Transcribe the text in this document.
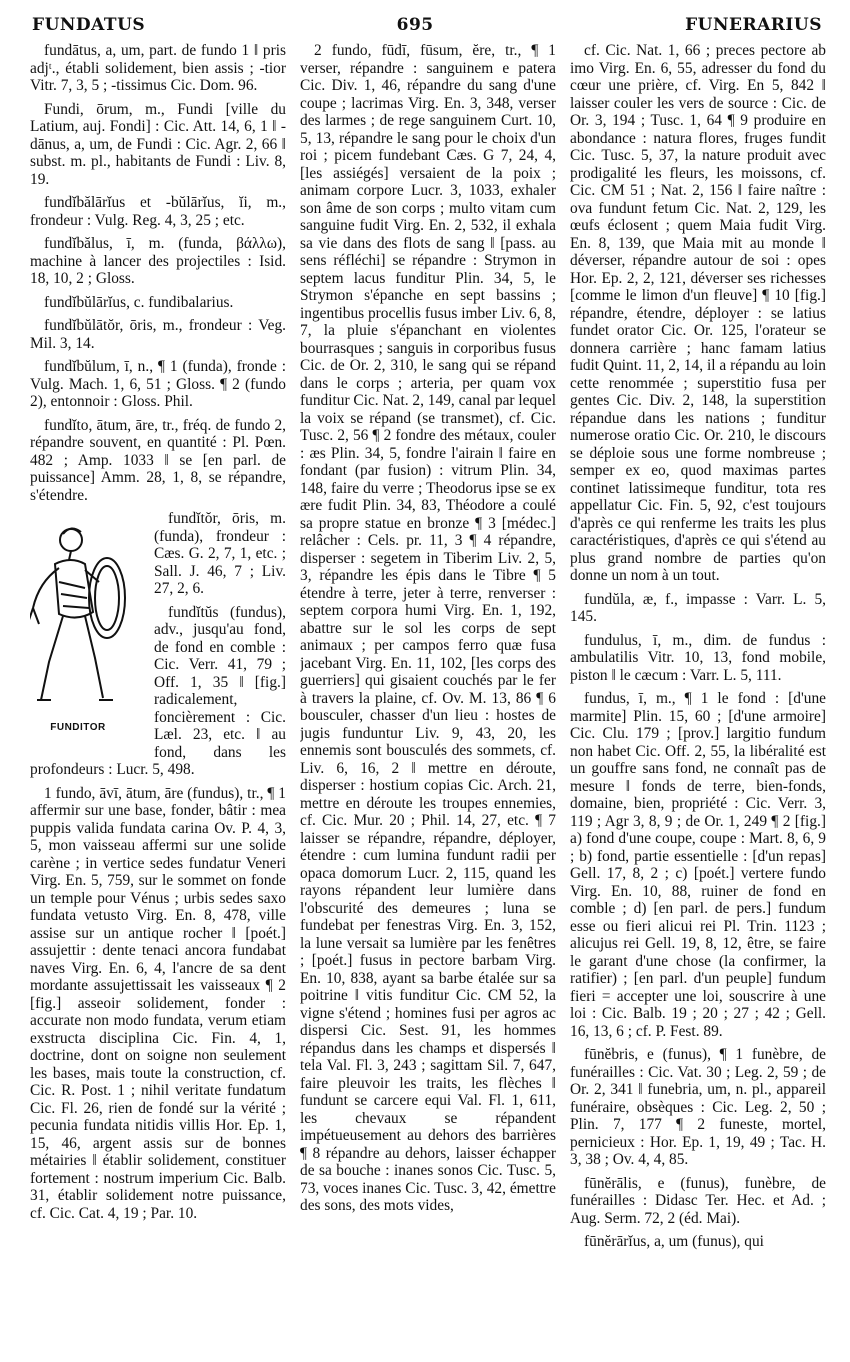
FUNDATUS	695	FUNERARIUS

fundātus, a, um, part. de fundo 1 ‖ pris adjᵗ., établi solidement, bien assis ; -tior Vitr. 7, 3, 5 ; -tissimus Cic. Dom. 96.

Fundi, ōrum, m., Fundi [ville du Latium, auj. Fondi] : Cic. Att. 14, 6, 1 ‖ -dānus, a, um, de Fundi : Cic. Agr. 2, 66 ‖ subst. m. pl., habitants de Fundi : Liv. 8, 19.

fundĭbălārĭus et -bŭlārĭus, ĭi, m., frondeur : Vulg. Reg. 4, 3, 25 ; etc.

fundĭbălus, ī, m. (funda, βάλλω), machine à lancer des projectiles : Isid. 18, 10, 2 ; Gloss.

fundĭbŭlārĭus, c. fundibalarius.

fundĭbŭlātŏr, ōris, m., frondeur : Veg. Mil. 3, 14.

fundĭbŭlum, ī, n., ¶ 1 (funda), fronde : Vulg. Mach. 1, 6, 51 ; Gloss. ¶ 2 (fundo 2), entonnoir : Gloss. Phil.

fundĭto, ātum, āre, tr., fréq. de fundo 2, répandre souvent, en quantité : Pl. Pœn. 482 ; Amp. 1033 ‖ se [en parl. de puissance] Amm. 28, 1, 8, se répandre, s'étendre.

FUNDITOR

fundĭtŏr, ōris, m. (funda), frondeur : Cæs. G. 2, 7, 1, etc. ; Sall. J. 46, 7 ; Liv. 27, 2, 6.

fundĭtŭs (fundus), adv., jusqu'au fond, de fond en comble : Cic. Verr. 41, 79 ; Off. 1, 35 ‖ [fig.] radicalement, foncièrement : Cic. Læl. 23, etc. ‖ au fond, dans les profondeurs : Lucr. 5, 498.

1 fundo, āvī, ātum, āre (fundus), tr., ¶ 1 affermir sur une base, fonder, bâtir : mea puppis valida fundata carina Ov. P. 4, 3, 5, mon vaisseau affermi sur une solide carène ; in vertice sedes fundatur Veneri Virg. En. 5, 759, sur le sommet on fonde un temple pour Vénus ; urbis sedes saxo fundata vetusto Virg. En. 8, 478, ville assise sur un antique rocher ‖ [poét.] assujettir : dente tenaci ancora fundabat naves Virg. En. 6, 4, l'ancre de sa dent mordante assujettissait les vaisseaux ¶ 2 [fig.] asseoir solidement, fonder : accurate non modo fundata, verum etiam exstructa disciplina Cic. Fin. 4, 1, doctrine, dont on soigne non seulement les bases, mais toute la construction, cf. Cic. R. Post. 1 ; nihil veritate fundatum Cic. Fl. 26, rien de fondé sur la vérité ; pecunia fundata nitidis villis Hor. Ep. 1, 15, 46, argent assis sur de bonnes métairies ‖ établir solidement, constituer fortement : nostrum imperium Cic. Balb. 31, établir solidement notre puissance, cf. Cic. Cat. 4, 19 ; Par. 10.

2 fundo, fūdī, fūsum, ĕre, tr., ¶ 1 verser, répandre : sanguinem e patera Cic. Div. 1, 46, répandre du sang d'une coupe ; lacrimas Virg. En. 3, 348, verser des larmes ; de rege sanguinem Curt. 10, 5, 13, répandre le sang pour le choix d'un roi ; picem fundebant Cæs. G 7, 24, 4, [les assiégés] versaient de la poix ; animam corpore Lucr. 3, 1033, exhaler son âme de son corps ; multo vitam cum sanguine fudit Virg. En. 2, 532, il exhala sa vie dans des flots de sang ‖ [pass. au sens réfléchi] se répandre : Strymon in septem lacus funditur Plin. 34, 5, le Strymon s'épanche en sept bassins ; ingentibus procellis fusus imber Liv. 6, 8, 7, la pluie s'épanchant en violentes bourrasques ; sanguis in corporibus fusus Cic. de Or. 2, 310, le sang qui se répand dans le corps ; arteria, per quam vox funditur Cic. Nat. 2, 149, canal par lequel la voix se répand (se transmet), cf. Cic. Tusc. 2, 56 ¶ 2 fondre des métaux, couler : æs Plin. 34, 5, fondre l'airain ‖ faire en fondant (par fusion) : vitrum Plin. 34, 148, faire du verre ; Theodorus ipse se ex ære fudit Plin. 34, 83, Théodore a coulé sa propre statue en bronze ¶ 3 [médec.] relâcher : Cels. pr. 11, 3 ¶ 4 répandre, disperser : segetem in Tiberim Liv. 2, 5, 3, répandre les épis dans le Tibre ¶ 5 étendre à terre, jeter à terre, renverser : septem corpora humi Virg. En. 1, 192, abattre sur le sol les corps de sept animaux ; per campos ferro quæ fusa jacebant Virg. En. 11, 102, [les corps des guerriers] qui gisaient couchés par le fer à travers la plaine, cf. Ov. M. 13, 86 ¶ 6 bousculer, chasser d'un lieu : hostes de jugis funduntur Liv. 9, 43, 20, les ennemis sont bousculés des sommets, cf. Liv. 6, 16, 2 ‖ mettre en déroute, disperser : hostium copias Cic. Arch. 21, mettre en déroute les troupes ennemies, cf. Cic. Mur. 20 ; Phil. 14, 27, etc. ¶ 7 laisser se répandre, répandre, déployer, étendre : cum lumina fundunt radii per opaca domorum Lucr. 2, 115, quand les rayons répandent leur lumière dans l'obscurité des demeures ; luna se fundebat per fenestras Virg. En. 3, 152, la lune versait sa lumière par les fenêtres ; [poét.] fusus in pectore barbam Virg. En. 10, 838, ayant sa barbe étalée sur sa poitrine ‖ vitis funditur Cic. CM 52, la vigne s'étend ; homines fusi per agros ac dispersi Cic. Sest. 91, les hommes répandus dans les champs et dispersés ‖ tela Val. Fl. 3, 243 ; sagittam Sil. 7, 647, faire pleuvoir les traits, les flèches ‖ fundunt se carcere equi Val. Fl. 1, 611, les chevaux se répandent impétueusement au dehors des barrières ¶ 8 répandre au dehors, laisser échapper de sa bouche : inanes sonos Cic. Tusc. 5, 73, voces inanes Cic. Tusc. 3, 42, émettre des sons, des mots vides,

cf. Cic. Nat. 1, 66 ; preces pectore ab imo Virg. En. 6, 55, adresser du fond du cœur une prière, cf. Virg. En 5, 842 ‖ laisser couler les vers de source : Cic. de Or. 3, 194 ; Tusc. 1, 64 ¶ 9 produire en abondance : natura flores, fruges fundit Cic. Tusc. 5, 37, la nature produit avec prodigalité les fleurs, les moissons, cf. Cic. CM 51 ; Nat. 2, 156 ‖ faire naître : ova fundunt fetum Cic. Nat. 2, 129, les œufs éclosent ; quem Maia fudit Virg. En. 8, 139, que Maia mit au monde ‖ déverser, répandre autour de soi : opes Hor. Ep. 2, 2, 121, déverser ses richesses [comme le limon d'un fleuve] ¶ 10 [fig.] répandre, étendre, déployer : se latius fundet orator Cic. Or. 125, l'orateur se donnera carrière ; hanc famam latius fudit Quint. 11, 2, 14, il a répandu au loin cette renommée ; superstitio fusa per gentes Cic. Div. 2, 148, la superstition répandue dans les nations ; funditur numerose oratio Cic. Or. 210, le discours se déploie sous une forme nombreuse ; semper ex eo, quod maximas partes continet latissimeque funditur, tota res appellatur Cic. Fin. 5, 92, c'est toujours d'après ce qui renferme les traits les plus caractéristiques, d'après ce qui s'étend au plus grand nombre de parties qu'on donne un nom à un tout.

fundŭla, æ, f., impasse : Varr. L. 5, 145.

fundulus, ī, m., dim. de fundus : ambulatilis Vitr. 10, 13, fond mobile, piston ‖ le cæcum : Varr. L. 5, 111.

fundus, ī, m., ¶ 1 le fond : [d'une marmite] Plin. 15, 60 ; [d'une armoire] Cic. Clu. 179 ; [prov.] largitio fundum non habet Cic. Off. 2, 55, la libéralité est un gouffre sans fond, ne connaît pas de mesure ‖ fonds de terre, bien-fonds, domaine, bien, propriété : Cic. Verr. 3, 119 ; Agr 3, 8, 9 ; de Or. 1, 249 ¶ 2 [fig.] a) fond d'une coupe, coupe : Mart. 8, 6, 9 ; b) fond, partie essentielle : [d'un repas] Gell. 17, 8, 2 ; c) [poét.] vertere fundo Virg. En. 10, 88, ruiner de fond en comble ; d) [en parl. de pers.] fundum esse ou fieri alicui rei Pl. Trin. 1123 ; alicujus rei Gell. 19, 8, 12, être, se faire le garant d'une chose (la confirmer, la ratifier) ; [en parl. d'un peuple] fundum fieri = accepter une loi, souscrire à une loi : Cic. Balb. 19 ; 20 ; 27 ; 42 ; Gell. 16, 13, 6 ; cf. P. Fest. 89.

fūnĕbris, e (funus), ¶ 1 funèbre, de funérailles : Cic. Vat. 30 ; Leg. 2, 59 ; de Or. 2, 341 ‖ funebria, um, n. pl., appareil funéraire, obsèques : Cic. Leg. 2, 50 ; Plin. 7, 177 ¶ 2 funeste, mortel, pernicieux : Hor. Ep. 1, 19, 49 ; Tac. H. 3, 38 ; Ov. 4, 4, 85.

fūnĕrālis, e (funus), funèbre, de funérailles : Didasc Ter. Hec. et Ad. ; Aug. Serm. 72, 2 (éd. Mai).

fūnĕrārĭus, a, um (funus), qui
